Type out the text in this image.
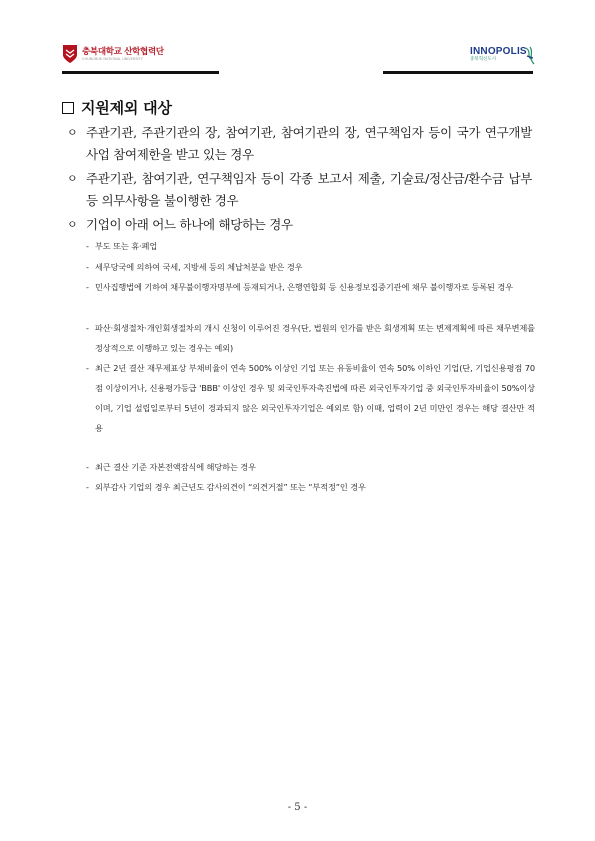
충북대학교 산학협력단
CHUNGBUK NATIONAL UNIVERSITY
INNOPOLIS
충북혁신도시
지원제외 대상
ㅇ 주관기관, 주관기관의 장, 참여기관, 참여기관의 장, 연구책임자 등이 국가 연구개발사업 참여제한을 받고 있는 경우
ㅇ 주관기관, 참여기관, 연구책임자 등이 각종 보고서 제출, 기술료/정산금/환수금 납부 등 의무사항을 불이행한 경우
ㅇ 기업이 아래 어느 하나에 해당하는 경우
- 부도 또는 휴·폐업
- 세무당국에 의하여 국세, 지방세 등의 체납처분을 받은 경우
- 민사집행법에 기하여 채무불이행자명부에 등재되거나, 은행연합회 등 신용정보집중기관에 채무 불이행자로 등록된 경우
- 파산·회생절차·개인회생절차의 개시 신청이 이루어진 경우(단, 법원의 인가를 받은 회생계획 또는 변제계획에 따른 채무변제를 정상적으로 이행하고 있는 경우는 예외)
- 최근 2년 결산 재무제표상 부채비율이 연속 500% 이상인 기업 또는 유동비율이 연속 50% 이하인 기업(단, 기업신용평점 70점 이상이거나, 신용평가등급 'BBB' 이상인 경우 및 외국인투자촉진법에 따른 외국인투자기업 중 외국인투자비율이 50%이상이며, 기업 설립일로부터 5년이 경과되지 않은 외국인투자기업은 예외로 함) 이때, 업력이 2년 미만인 경우는 해당 결산만 적용
- 최근 결산 기준 자본전액잠식에 해당하는 경우
- 외부감사 기업의 경우 최근년도 감사의견이 “의견거절” 또는 “부적정”인 경우
- 5 -
